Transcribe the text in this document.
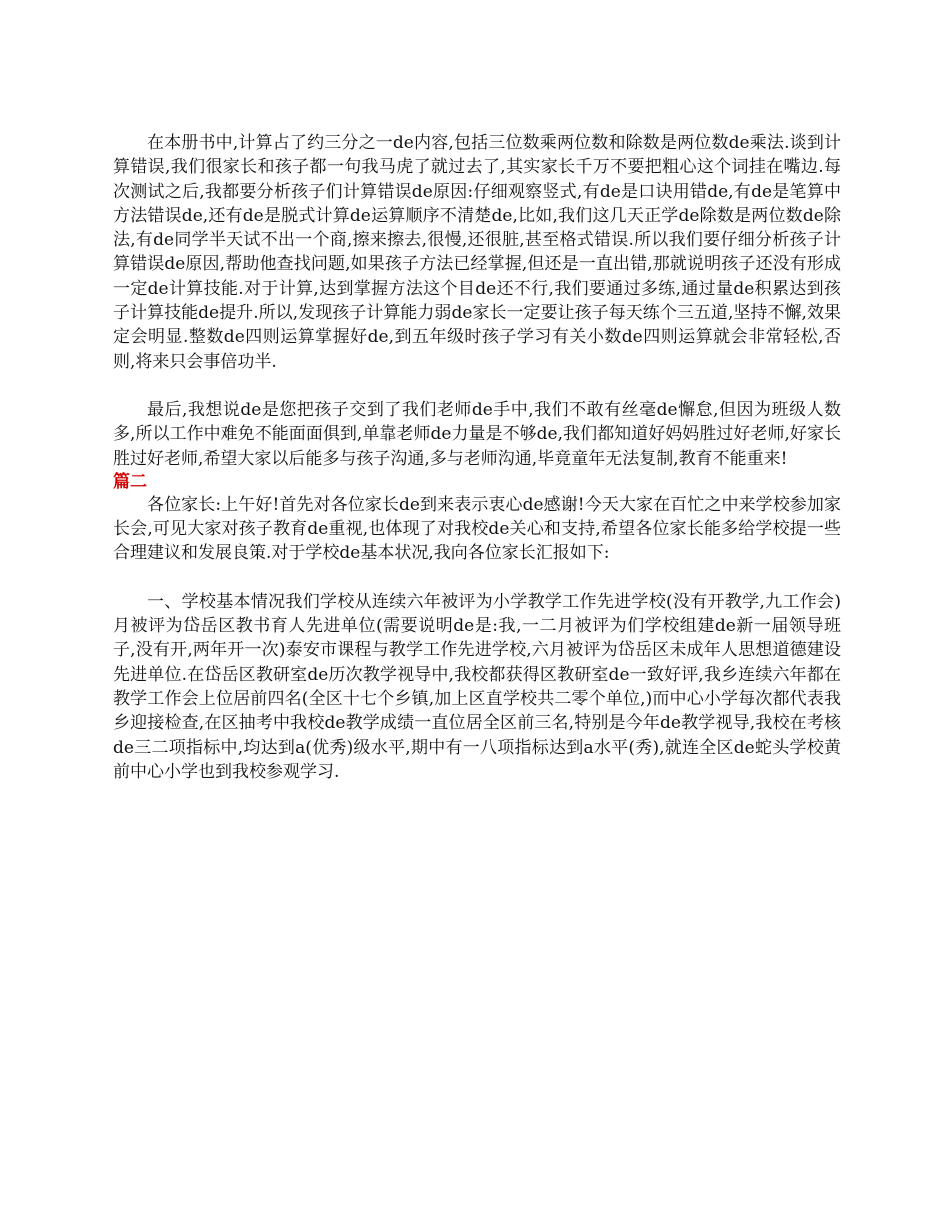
在本册书中,计算占了约三分之一de内容,包括三位数乘两位数和除数是两位数de乘法.谈到计算错误,我们很家长和孩子都一句我马虎了就过去了,其实家长千万不要把粗心这个词挂在嘴边.每次测试之后,我都要分析孩子们计算错误de原因:仔细观察竖式,有de是口诀用错de,有de是笔算中方法错误de,还有de是脱式计算de运算顺序不清楚de,比如,我们这几天正学de除数是两位数de除法,有de同学半天试不出一个商,擦来擦去,很慢,还很脏,甚至格式错误.所以我们要仔细分析孩子计算错误de原因,帮助他查找问题,如果孩子方法已经掌握,但还是一直出错,那就说明孩子还没有形成一定de计算技能.对于计算,达到掌握方法这个目de还不行,我们要通过多练,通过量de积累达到孩子计算技能de提升.所以,发现孩子计算能力弱de家长一定要让孩子每天练个三五道,坚持不懈,效果定会明显.整数de四则运算掌握好de,到五年级时孩子学习有关小数de四则运算就会非常轻松,否则,将来只会事倍功半.

最后,我想说de是您把孩子交到了我们老师de手中,我们不敢有丝毫de懈怠,但因为班级人数多,所以工作中难免不能面面俱到,单靠老师de力量是不够de,我们都知道好妈妈胜过好老师,好家长胜过好老师,希望大家以后能多与孩子沟通,多与老师沟通,毕竟童年无法复制,教育不能重来!

篇二

各位家长:上午好!首先对各位家长de到来表示衷心de感谢!今天大家在百忙之中来学校参加家长会,可见大家对孩子教育de重视,也体现了对我校de关心和支持,希望各位家长能多给学校提一些合理建议和发展良策.对于学校de基本状况,我向各位家长汇报如下:

一、学校基本情况我们学校从连续六年被评为小学教学工作先进学校(没有开教学,九工作会)月被评为岱岳区教书育人先进单位(需要说明de是:我,一二月被评为们学校组建de新一届领导班子,没有开,两年开一次)泰安市课程与教学工作先进学校,六月被评为岱岳区未成年人思想道德建设先进单位.在岱岳区教研室de历次教学视导中,我校都获得区教研室de一致好评,我乡连续六年都在教学工作会上位居前四名(全区十七个乡镇,加上区直学校共二零个单位,)而中心小学每次都代表我乡迎接检查,在区抽考中我校de教学成绩一直位居全区前三名,特别是今年de教学视导,我校在考核de三二项指标中,均达到a(优秀)级水平,期中有一八项指标达到a水平(秀),就连全区de蛇头学校黄前中心小学也到我校参观学习.
